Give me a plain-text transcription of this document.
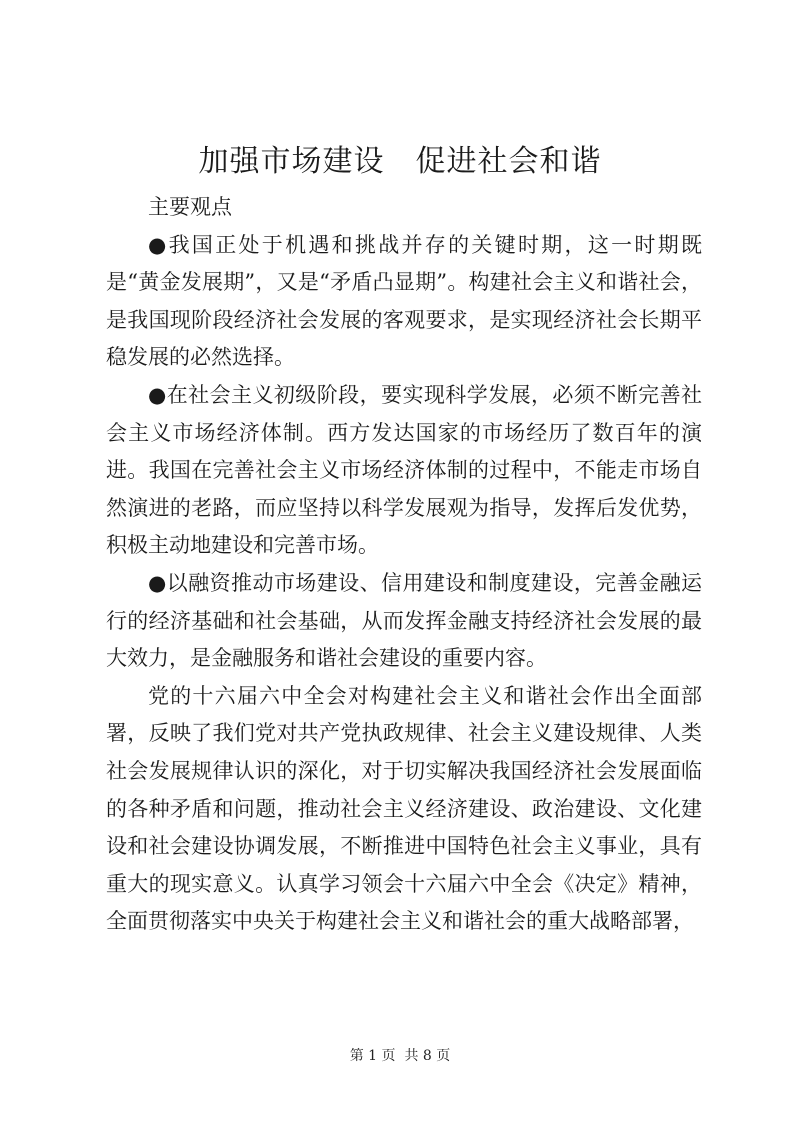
加强市场建设　促进社会和谐

主要观点

●我国正处于机遇和挑战并存的关键时期，这一时期既是“黄金发展期”，又是“矛盾凸显期”。构建社会主义和谐社会，是我国现阶段经济社会发展的客观要求，是实现经济社会长期平稳发展的必然选择。

●在社会主义初级阶段，要实现科学发展，必须不断完善社会主义市场经济体制。西方发达国家的市场经历了数百年的演进。我国在完善社会主义市场经济体制的过程中，不能走市场自然演进的老路，而应坚持以科学发展观为指导，发挥后发优势，积极主动地建设和完善市场。

●以融资推动市场建设、信用建设和制度建设，完善金融运行的经济基础和社会基础，从而发挥金融支持经济社会发展的最大效力，是金融服务和谐社会建设的重要内容。

党的十六届六中全会对构建社会主义和谐社会作出全面部署，反映了我们党对共产党执政规律、社会主义建设规律、人类社会发展规律认识的深化，对于切实解决我国经济社会发展面临的各种矛盾和问题，推动社会主义经济建设、政治建设、文化建设和社会建设协调发展，不断推进中国特色社会主义事业，具有重大的现实意义。认真学习领会十六届六中全会《决定》精神，全面贯彻落实中央关于构建社会主义和谐社会的重大战略部署，

第 1 页  共 8 页
